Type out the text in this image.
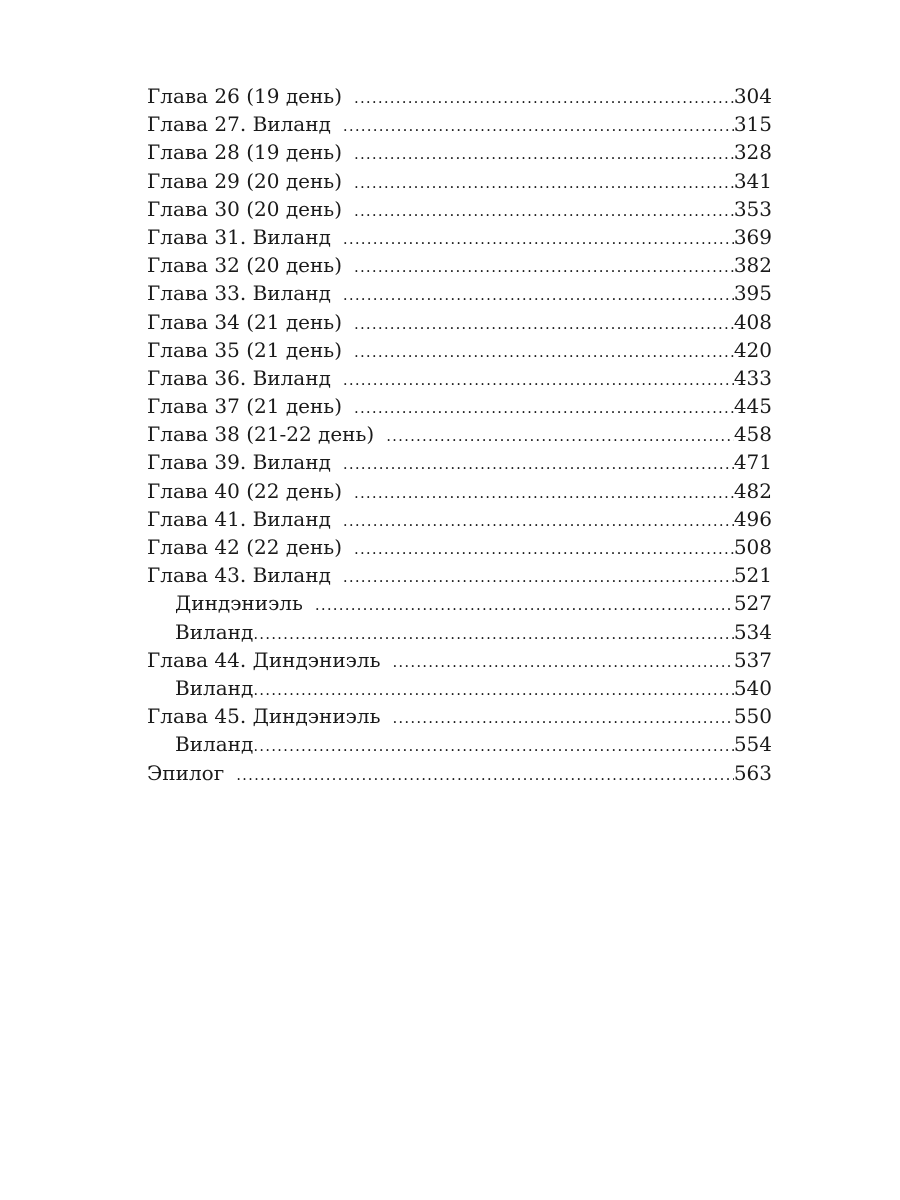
Глава 26 (19 день) .....	304
Глава 27. Виланд .....	315
Глава 28 (19 день) .....	328
Глава 29 (20 день) .....	341
Глава 30 (20 день) .....	353
Глава 31. Виланд .....	369
Глава 32 (20 день) .....	382
Глава 33. Виланд .....	395
Глава 34 (21 день) .....	408
Глава 35 (21 день) .....	420
Глава 36. Виланд .....	433
Глава 37 (21 день) .....	445
Глава 38 (21-22 день) .....	458
Глава 39. Виланд .....	471
Глава 40 (22 день) .....	482
Глава 41. Виланд .....	496
Глава 42 (22 день) .....	508
Глава 43. Виланд .....	521
Диндэниэль .....	527
Виланд .....	534
Глава 44. Диндэниэль .....	537
Виланд .....	540
Глава 45. Диндэниэль .....	550
Виланд .....	554
Эпилог .....	563
